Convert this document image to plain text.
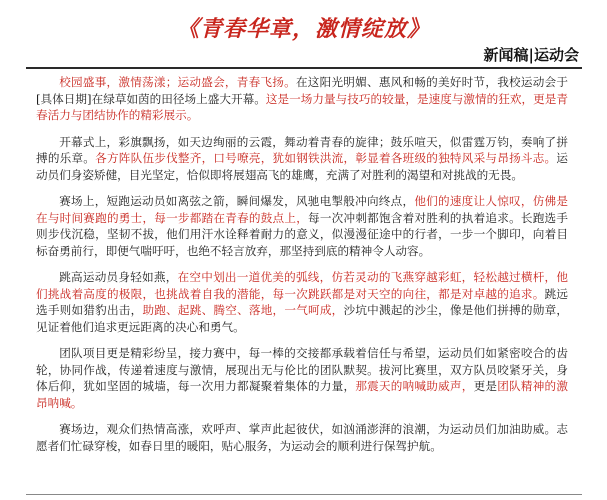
《青春华章，激情绽放》
新闻稿|运动会

校园盛事，激情荡漾；运动盛会，青春飞扬。在这阳光明媚、惠风和畅的美好时节，我校运动会于[具体日期]在绿草如茵的田径场上盛大开幕。这是一场力量与技巧的较量，是速度与激情的狂欢，更是青春活力与团结协作的精彩展示。

开幕式上，彩旗飘扬，如天边绚丽的云霞，舞动着青春的旋律；鼓乐喧天，似雷霆万钧，奏响了拼搏的乐章。各方阵队伍步伐整齐，口号嘹亮，犹如钢铁洪流，彰显着各班级的独特风采与昂扬斗志。运动员们身姿矫健，目光坚定，恰似即将展翅高飞的雄鹰，充满了对胜利的渴望和对挑战的无畏。

赛场上，短跑运动员如离弦之箭，瞬间爆发，风驰电掣般冲向终点，他们的速度让人惊叹，仿佛是在与时间赛跑的勇士，每一步都踏在青春的鼓点上，每一次冲刺都饱含着对胜利的执着追求。长跑选手则步伐沉稳，坚韧不拔，他们用汗水诠释着耐力的意义，似漫漫征途中的行者，一步一个脚印，向着目标奋勇前行，即便气喘吁吁，也绝不轻言放弃，那坚持到底的精神令人动容。

跳高运动员身轻如燕，在空中划出一道优美的弧线，仿若灵动的飞燕穿越彩虹，轻松越过横杆，他们挑战着高度的极限，也挑战着自我的潜能，每一次跳跃都是对天空的向往，都是对卓越的追求。跳远选手则如猎豹出击，助跑、起跳、腾空、落地，一气呵成，沙坑中溅起的沙尘，像是他们拼搏的勋章，见证着他们追求更远距离的决心和勇气。

团队项目更是精彩纷呈，接力赛中，每一棒的交接都承载着信任与希望，运动员们如紧密咬合的齿轮，协同作战，传递着速度与激情，展现出无与伦比的团队默契。拔河比赛里，双方队员咬紧牙关，身体后仰，犹如坚固的城墙，每一次用力都凝聚着集体的力量，那震天的呐喊助威声，更是团队精神的激昂呐喊。

赛场边，观众们热情高涨，欢呼声、掌声此起彼伏，如汹涌澎湃的浪潮，为运动员们加油助威。志愿者们忙碌穿梭，如春日里的暖阳，贴心服务，为运动会的顺利进行保驾护航。
